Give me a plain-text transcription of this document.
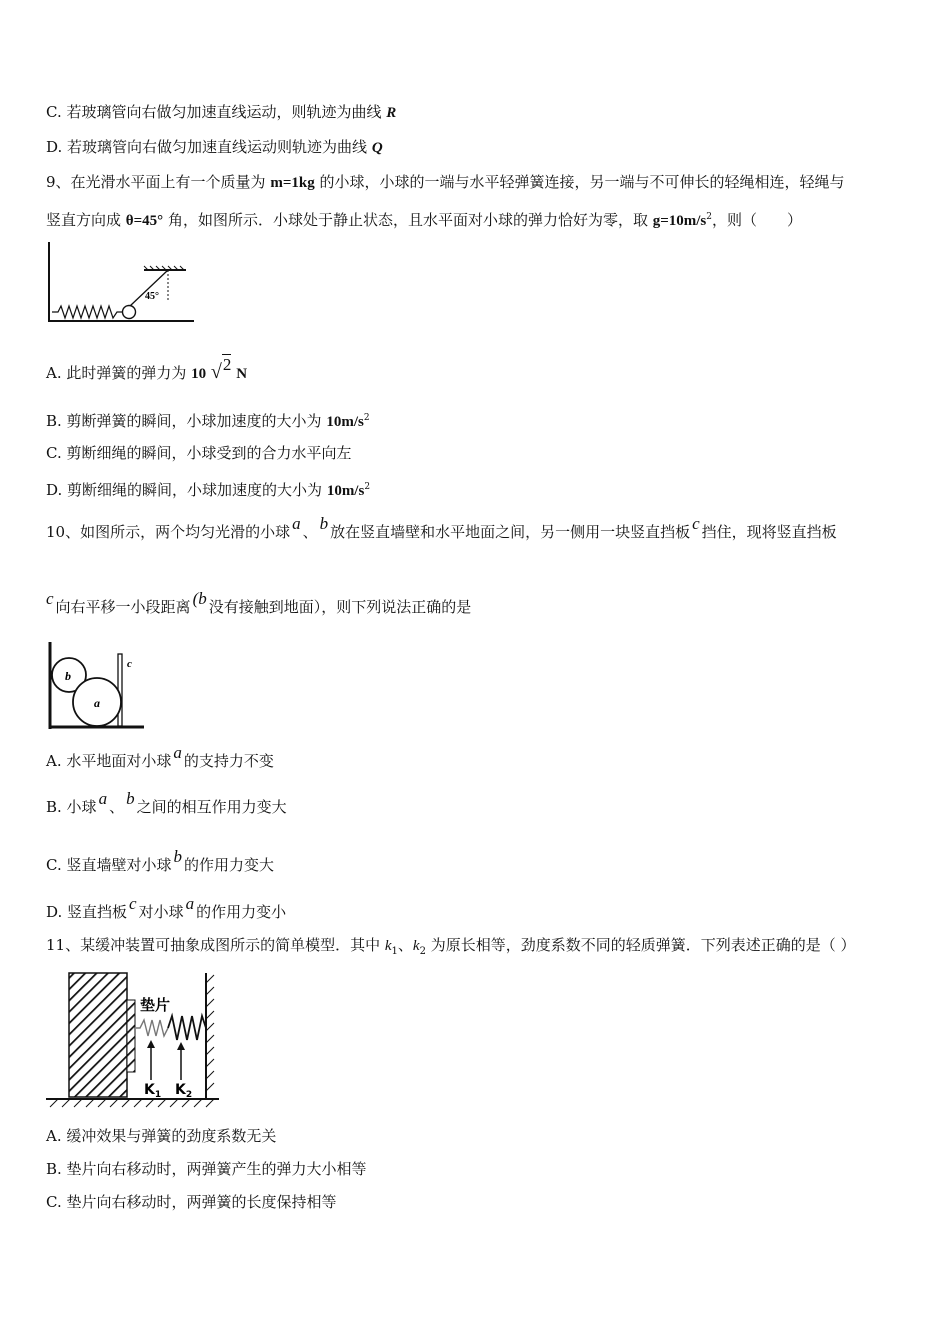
C. 若玻璃管向右做匀加速直线运动，则轨迹为曲线 R
D. 若玻璃管向右做匀加速直线运动则轨迹为曲线 Q
9、在光滑水平面上有一个质量为 m=1kg 的小球，小球的一端与水平轻弹簧连接，另一端与不可伸长的轻绳相连，轻绳与
竖直方向成 θ=45° 角，如图所示．小球处于静止状态，且水平面对小球的弹力恰好为零，取 $g=10m/s^2$，则（　　）
45°
A. 此时弹簧的弹力为 10 √2 N
B. 剪断弹簧的瞬间，小球加速度的大小为 $10m/s^2$
C. 剪断细绳的瞬间，小球受到的合力水平向左
D. 剪断细绳的瞬间，小球加速度的大小为 $10m/s^2$
10、如图所示，两个均匀光滑的小球 a 、 b 放在竖直墙壁和水平地面之间，另一侧用一块竖直挡板 c 挡住，现将竖直挡板
c 向右平移一小段距离 (b 没有接触到地面），则下列说法正确的是
b
a
c
A. 水平地面对小球 a 的支持力不变
B. 小球 a 、 b 之间的相互作用力变大
C. 竖直墙壁对小球 b 的作用力变大
D. 竖直挡板 c 对小球 a 的作用力变小
11、某缓冲装置可抽象成图所示的简单模型．其中 $k_1$、$k_2$ 为原长相等，劲度系数不同的轻质弹簧．下列表述正确的是（ ）
垫片
$K_1$ $K_2$
A. 缓冲效果与弹簧的劲度系数无关
B. 垫片向右移动时，两弹簧产生的弹力大小相等
C. 垫片向右移动时，两弹簧的长度保持相等
